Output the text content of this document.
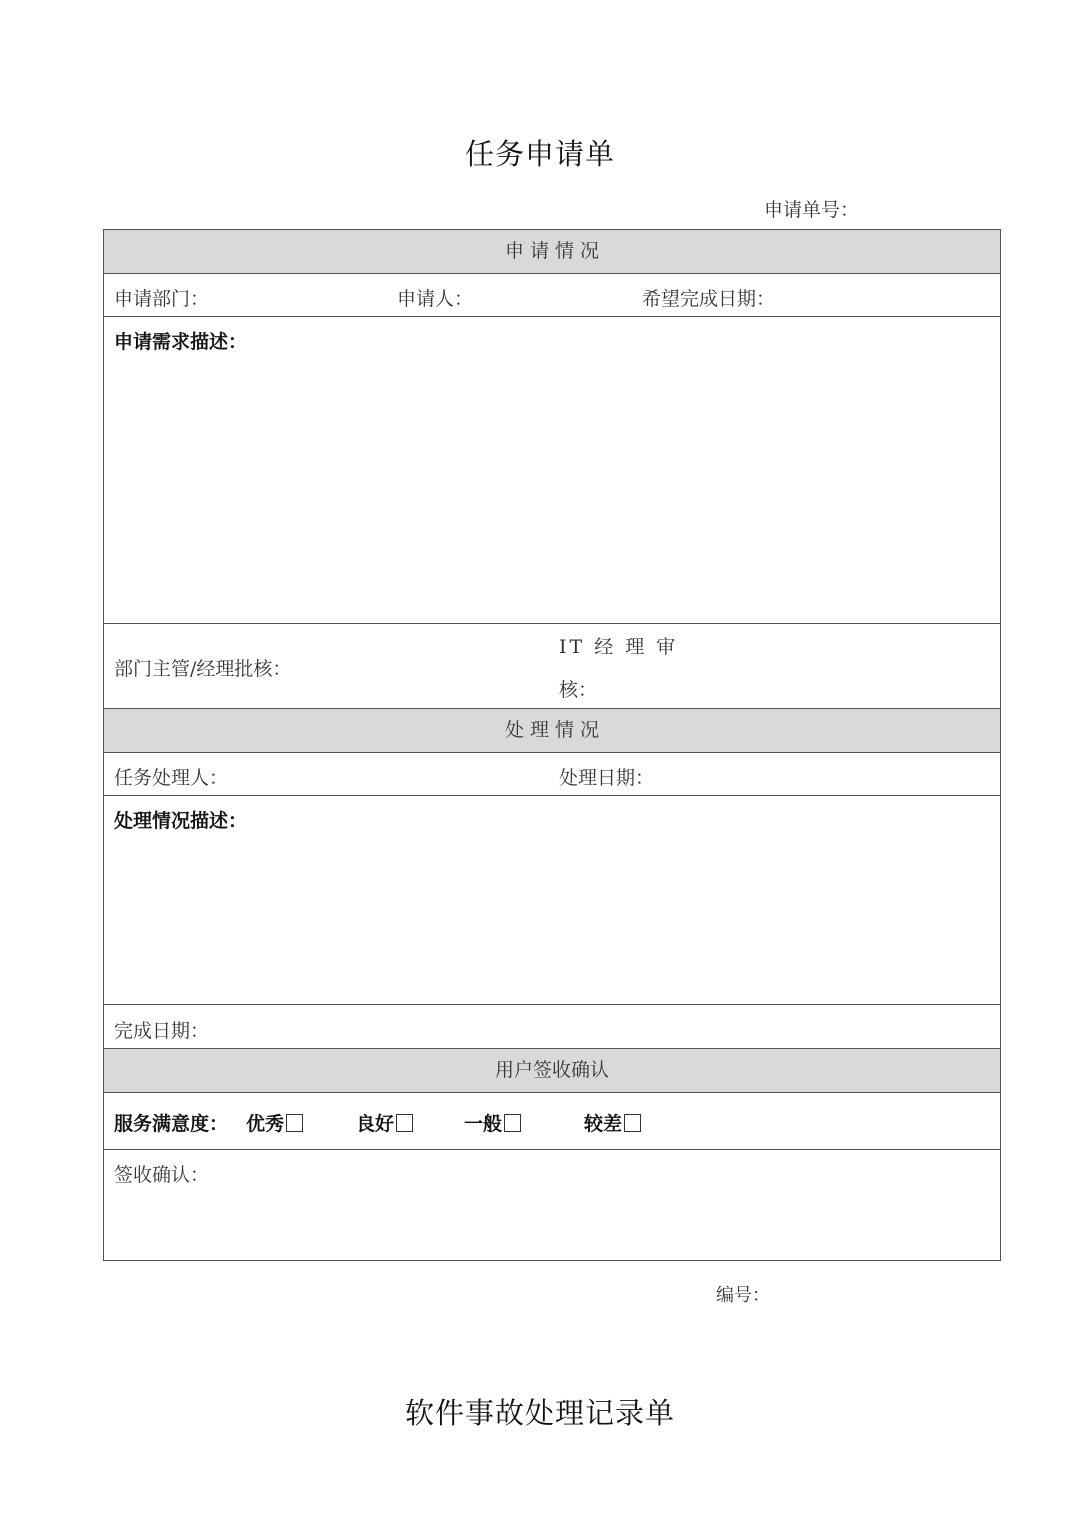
任务申请单
申请单号：
申 请 情 况
申请部门：	申请人：	希望完成日期：
申请需求描述：
部门主管/经理批核：
IT 经 理 审
核：
处 理 情 况
任务处理人：	处理日期：
处理情况描述：
完成日期：
用户签收确认
服务满意度： 优秀	良好	一般	较差
签收确认：
编号：
软件事故处理记录单
